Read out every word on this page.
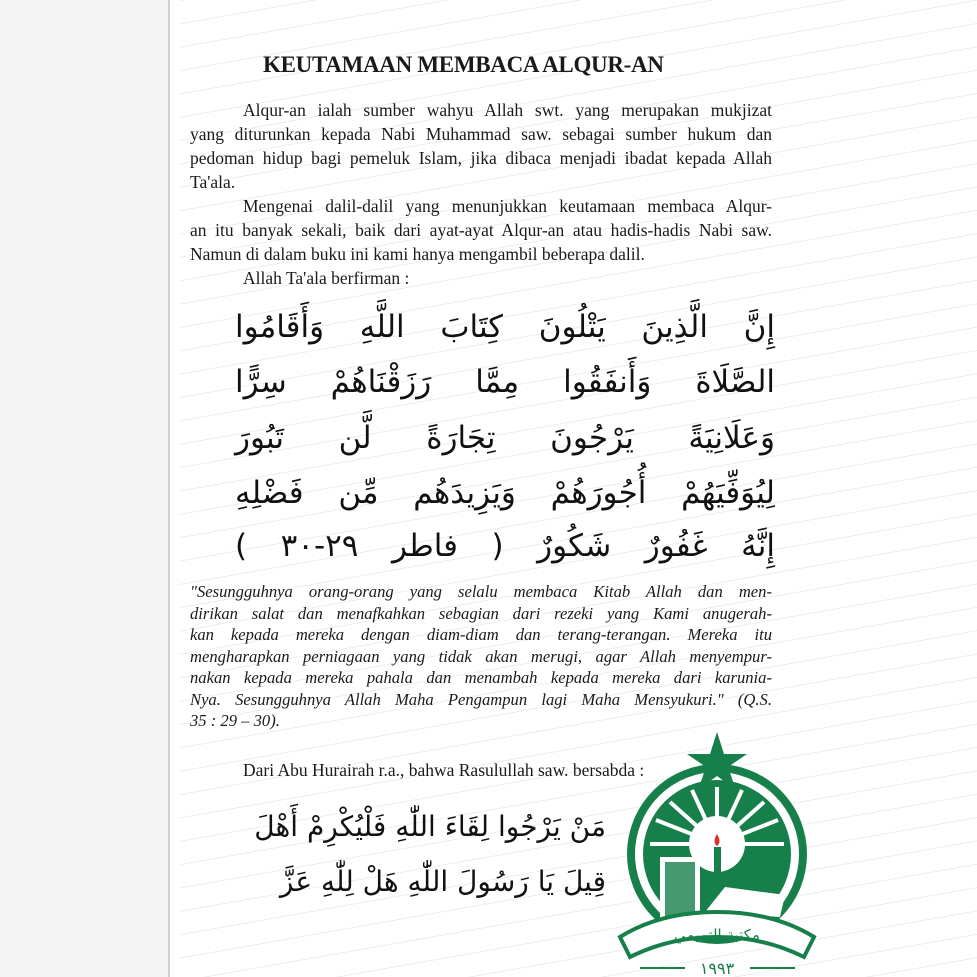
KEUTAMAAN MEMBACA ALQUR-AN
Alqur-an ialah sumber wahyu Allah swt. yang merupakan mukjizat
yang diturunkan kepada Nabi Muhammad saw. sebagai sumber hukum dan
pedoman hidup bagi pemeluk Islam, jika dibaca menjadi ibadat kepada Allah
Ta'ala.
Mengenai dalil-dalil yang menunjukkan keutamaan membaca Alqur-
an itu banyak sekali, baik dari ayat-ayat Alqur-an atau hadis-hadis Nabi saw.
Namun di dalam buku ini kami hanya mengambil beberapa dalil.
Allah Ta'ala berfirman :
إِنَّ الَّذِينَ يَتْلُونَ كِتَابَ اللَّهِ وَأَقَامُوا
الصَّلَاةَ وَأَنفَقُوا مِمَّا رَزَقْنَاهُمْ سِرًّا
وَعَلَانِيَةً يَرْجُونَ تِجَارَةً لَّن تَبُورَ
لِيُوَفِّيَهُمْ أُجُورَهُمْ وَيَزِيدَهُم مِّن فَضْلِهِ
إِنَّهُ غَفُورٌ شَكُورٌ ( فاطر ٢٩-٣٠ )
"Sesungguhnya orang-orang yang selalu membaca Kitab Allah dan men-
dirikan salat dan menafkahkan sebagian dari rezeki yang Kami anugerah-
kan kepada mereka dengan diam-diam dan terang-terangan. Mereka itu
mengharapkan perniagaan yang tidak akan merugi, agar Allah menyempur-
nakan kepada mereka pahala dan menambah kepada mereka dari karunia-
Nya. Sesungguhnya Allah Maha Pengampun lagi Maha Mensyukuri." (Q.S.
35 : 29 – 30).
Dari Abu Hurairah r.a., bahwa Rasulullah saw. bersabda :
مَنْ يَرْجُوا لِقَاءَ اللّٰهِ فَلْيُكْرِمْ أَهْلَ
قِيلَ يَا رَسُولَ اللّٰهِ هَلْ لِلّٰهِ عَزَّ
مكتبة التميمي
١٩٩٣
